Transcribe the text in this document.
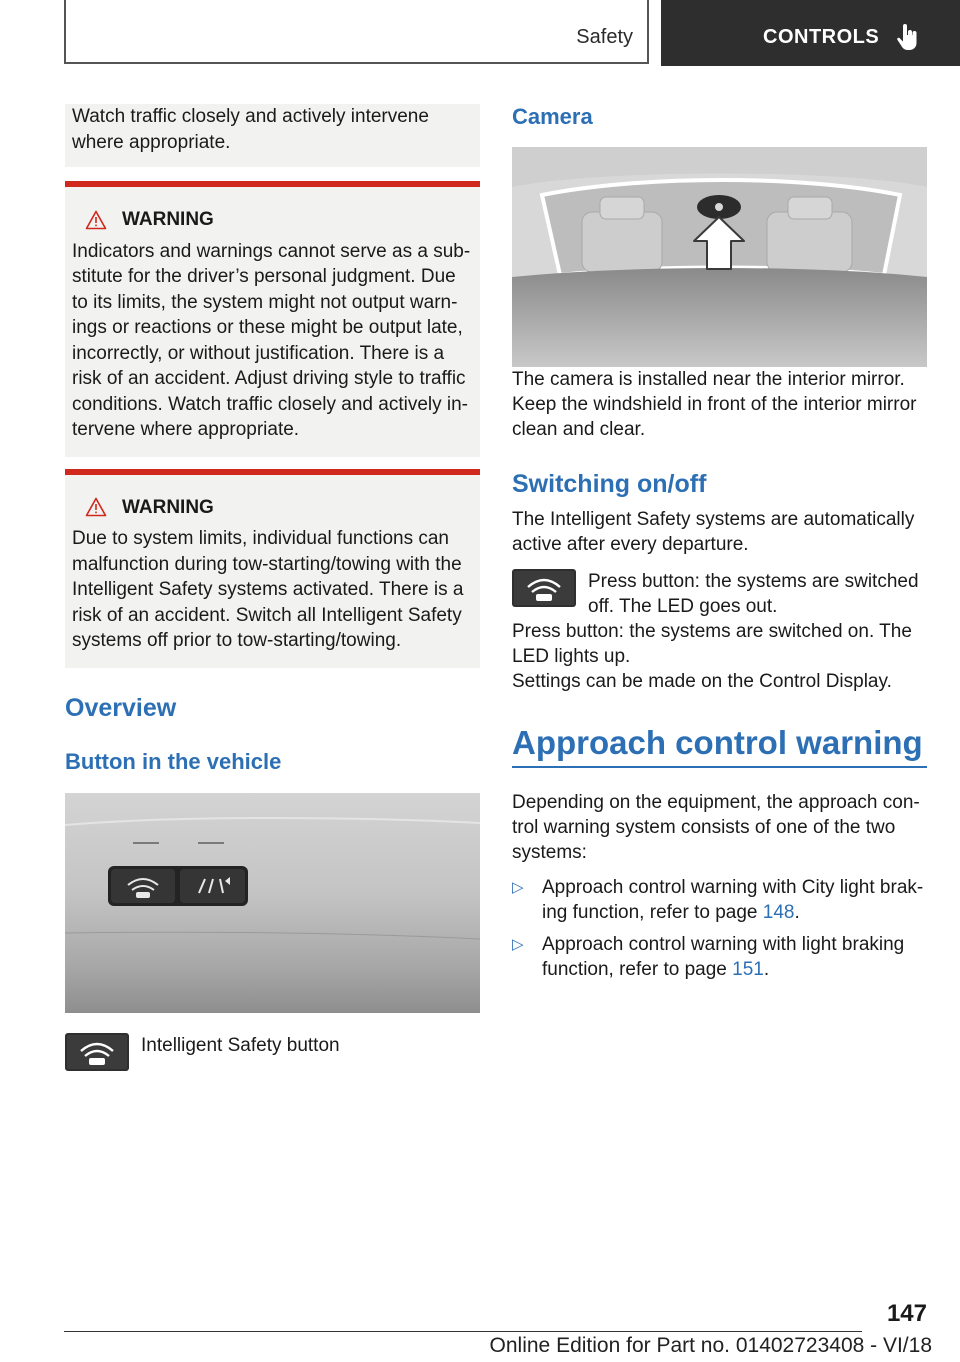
Safety	CONTROLS
Watch traffic closely and actively intervene where appropriate.
WARNING
Indicators and warnings cannot serve as a sub‐stitute for the driver’s personal judgment. Due to its limits, the system might not output warn‐ings or reactions or these might be output late, incorrectly, or without justification. There is a risk of an accident. Adjust driving style to traffic conditions. Watch traffic closely and actively in‐tervene where appropriate.
WARNING
Due to system limits, individual functions can malfunction during tow-starting/towing with the Intelligent Safety systems activated. There is a risk of an accident. Switch all Intelligent Safety systems off prior to tow-starting/towing.
Overview
Button in the vehicle
Intelligent Safety button
Camera

The camera is installed near the interior mirror.

Keep the windshield in front of the interior mirror clean and clear.

Switching on/off

The Intelligent Safety systems are automatically active after every departure.

Press button: the systems are switched off. The LED goes out.

Press button: the systems are switched on. The LED lights up.

Settings can be made on the Control Display.

Approach control warning

Depending on the equipment, the approach con‐trol warning system consists of one of the two systems:

▷ Approach control warning with City light brak‐ing function, refer to page 148.
▷ Approach control warning with light braking function, refer to page 151.
147
Online Edition for Part no. 01402723408 - VI/18
